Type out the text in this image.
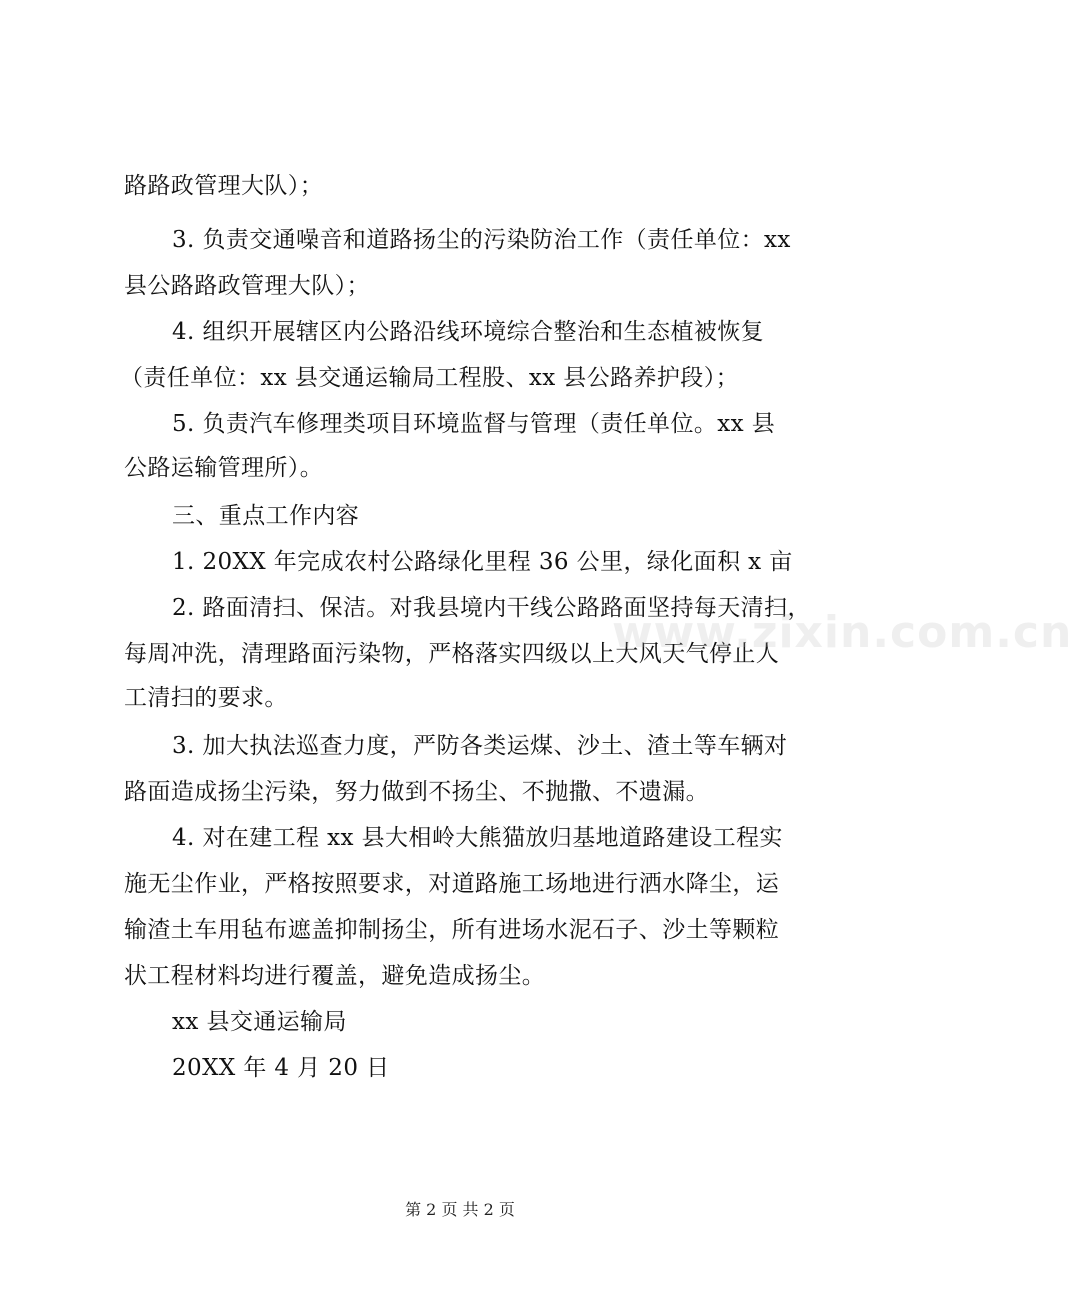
路路政管理大队）；
3. 负责交通噪音和道路扬尘的污染防治工作（责任单位：xx
县公路路政管理大队）；
4. 组织开展辖区内公路沿线环境综合整治和生态植被恢复
（责任单位：xx 县交通运输局工程股、xx 县公路养护段）；
5. 负责汽车修理类项目环境监督与管理（责任单位。xx 县
公路运输管理所）。
三、重点工作内容
1. 20XX 年完成农村公路绿化里程 36 公里，绿化面积 x 亩
2. 路面清扫、保洁。对我县境内干线公路路面坚持每天清扫，
每周冲洗，清理路面污染物，严格落实四级以上大风天气停止人
工清扫的要求。
3. 加大执法巡查力度，严防各类运煤、沙土、渣土等车辆对
路面造成扬尘污染，努力做到不扬尘、不抛撒、不遗漏。
4. 对在建工程 xx 县大相岭大熊猫放归基地道路建设工程实
施无尘作业，严格按照要求，对道路施工场地进行洒水降尘，运
输渣土车用毡布遮盖抑制扬尘，所有进场水泥石子、沙土等颗粒
状工程材料均进行覆盖，避免造成扬尘。
xx 县交通运输局
20XX 年 4 月 20 日
www.zixin.com.cn
第 2 页 共 2 页
